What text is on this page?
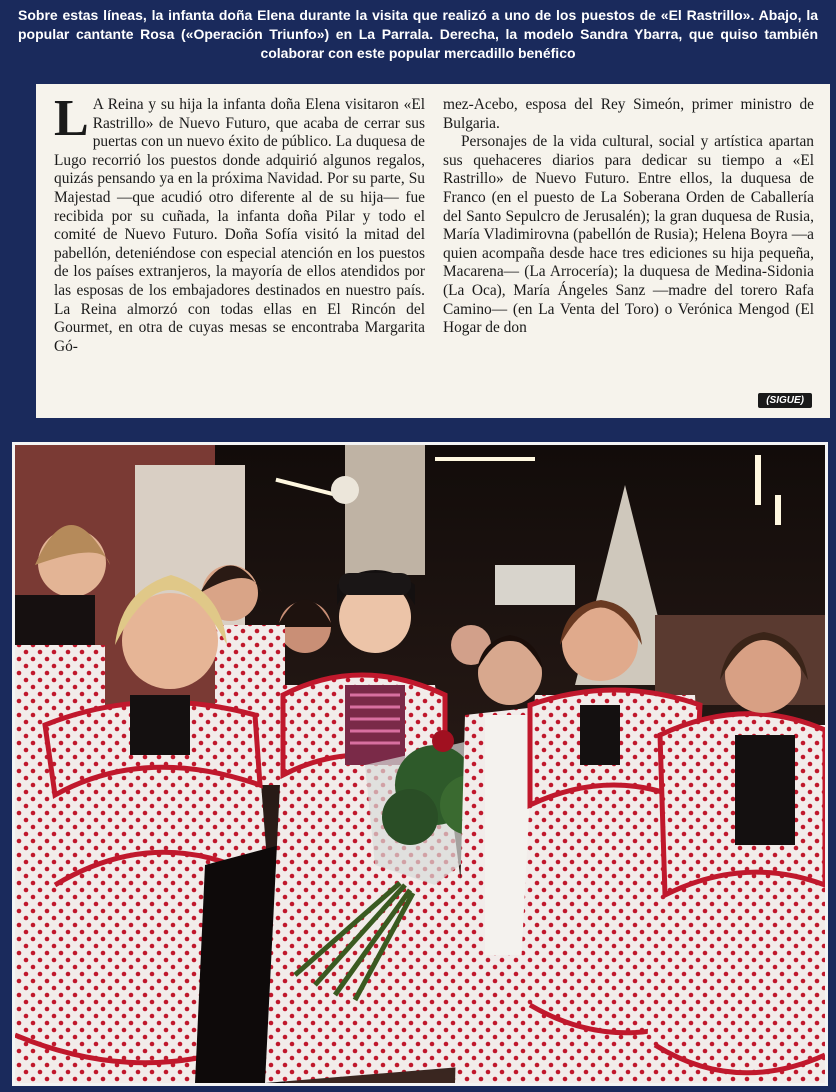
Sobre estas líneas, la infanta doña Elena durante la visita que realizó a uno de los puestos de «El Rastrillo». Abajo, la popular cantante Rosa («Operación Triunfo») en La Parrala. Derecha, la modelo Sandra Ybarra, que quiso también colaborar con este popular mercadillo benéfico

L A Reina y su hija la infanta doña Elena visitaron «El Rastrillo» de Nuevo Futuro, que acaba de cerrar sus puertas con un nuevo éxito de público. La duquesa de Lugo recorrió los puestos donde adquirió algunos regalos, quizás pensando ya en la próxima Navidad. Por su parte, Su Majestad —que acudió otro diferente al de su hija— fue recibida por su cuñada, la infanta doña Pilar y todo el comité de Nuevo Futuro. Doña Sofía visitó la mitad del pabellón, deteniéndose con especial atención en los puestos de los países extranjeros, la mayoría de ellos atendidos por las esposas de los embajadores destinados en nuestro país. La Reina almorzó con todas ellas en El Rincón del Gourmet, en otra de cuyas mesas se encontraba Margarita Gó-

mez-Acebo, esposa del Rey Simeón, primer ministro de Bulgaria.

Personajes de la vida cultural, social y artística apartan sus quehaceres diarios para dedicar su tiempo a «El Rastrillo» de Nuevo Futuro. Entre ellos, la duquesa de Franco (en el puesto de La Soberana Orden de Caballería del Santo Sepulcro de Jerusalén); la gran duquesa de Rusia, María Vladimirovna (pabellón de Rusia); Helena Boyra —a quien acompaña desde hace tres ediciones su hija pequeña, Macarena— (La Arrocería); la duquesa de Medina-Sidonia (La Oca), María Ángeles Sanz —madre del torero Rafa Camino— (en La Venta del Toro) o Verónica Mengod (El Hogar de don

(SIGUE)
